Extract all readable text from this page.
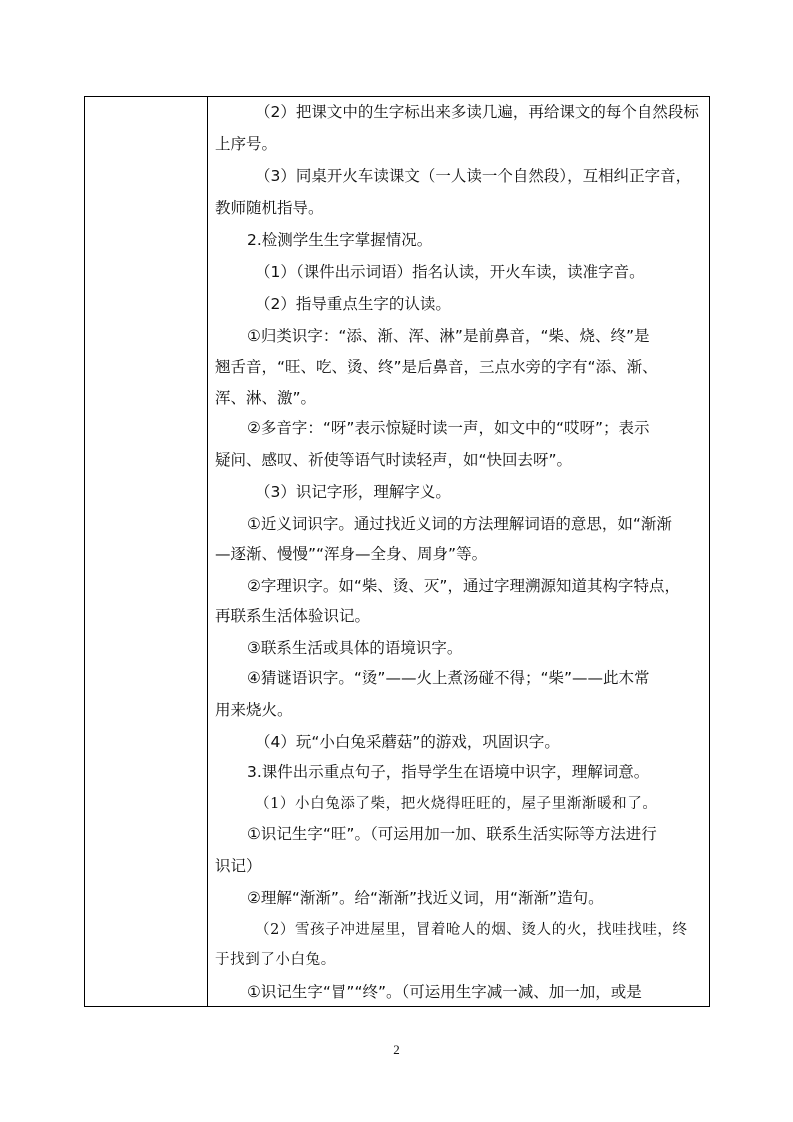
（2）把课文中的生字标出来多读几遍，再给课文的每个自然段标
上序号。
（3）同桌开火车读课文（一人读一个自然段），互相纠正字音，
教师随机指导。
2.检测学生生字掌握情况。
（1）（课件出示词语）指名认读，开火车读，读准字音。
（2）指导重点生字的认读。
①归类识字：“添、渐、浑、淋”是前鼻音，“柴、烧、终”是
翘舌音，“旺、吃、烫、终”是后鼻音，三点水旁的字有“添、渐、
浑、淋、激”。
②多音字：“呀”表示惊疑时读一声，如文中的“哎呀”；表示
疑问、感叹、祈使等语气时读轻声，如“快回去呀”。
（3）识记字形，理解字义。
①近义词识字。通过找近义词的方法理解词语的意思，如“渐渐
—逐渐、慢慢”“浑身—全身、周身”等。
②字理识字。如“柴、烫、灭”，通过字理溯源知道其构字特点，
再联系生活体验识记。
③联系生活或具体的语境识字。
④猜谜语识字。“烫”——火上煮汤碰不得；“柴”——此木常
用来烧火。
（4）玩“小白兔采蘑菇”的游戏，巩固识字。
3.课件出示重点句子，指导学生在语境中识字，理解词意。
（1）小白兔添了柴，把火烧得旺旺的，屋子里渐渐暖和了。
①识记生字“旺”。（可运用加一加、联系生活实际等方法进行
识记）
②理解“渐渐”。给“渐渐”找近义词，用“渐渐”造句。
（2）雪孩子冲进屋里，冒着呛人的烟、烫人的火，找哇找哇，终
于找到了小白兔。
①识记生字“冒”“终”。（可运用生字减一减、加一加，或是
2
